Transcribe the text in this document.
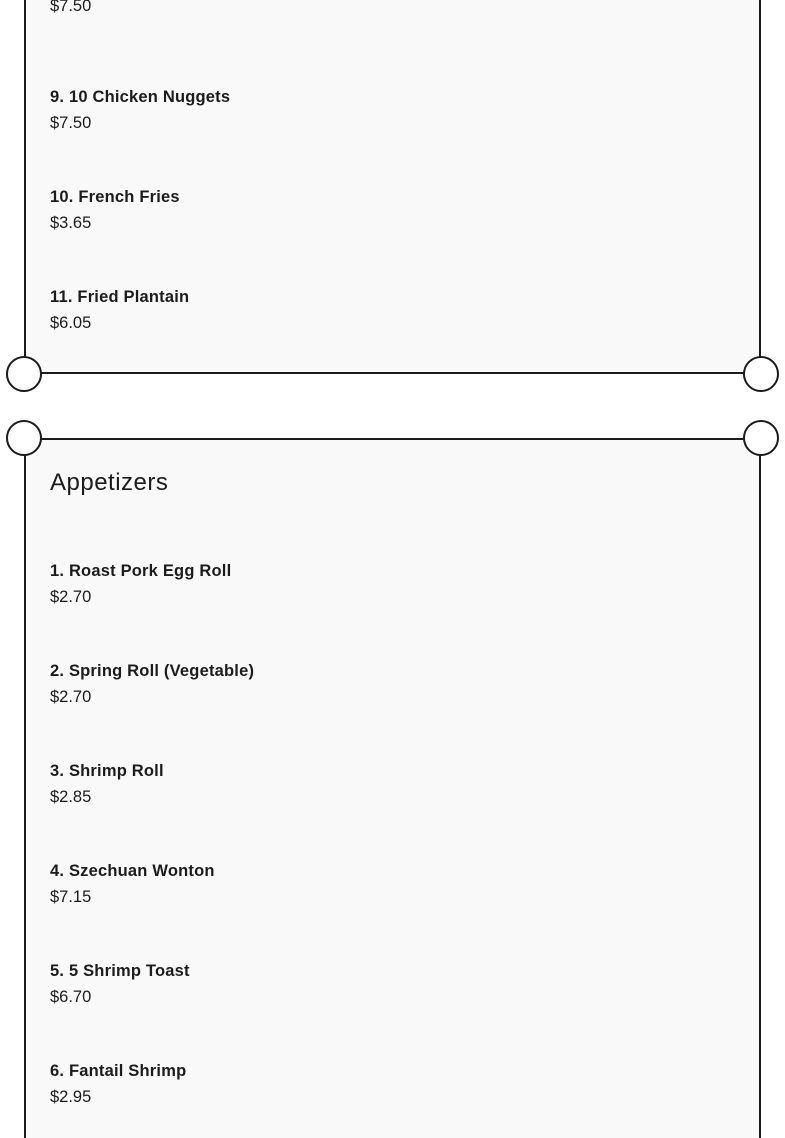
$7.50
9. 10 Chicken Nuggets
$7.50
10. French Fries
$3.65
11. Fried Plantain
$6.05
Appetizers
1. Roast Pork Egg Roll
$2.70
2. Spring Roll (Vegetable)
$2.70
3. Shrimp Roll
$2.85
4. Szechuan Wonton
$7.15
5. 5 Shrimp Toast
$6.70
6. Fantail Shrimp
$2.95
